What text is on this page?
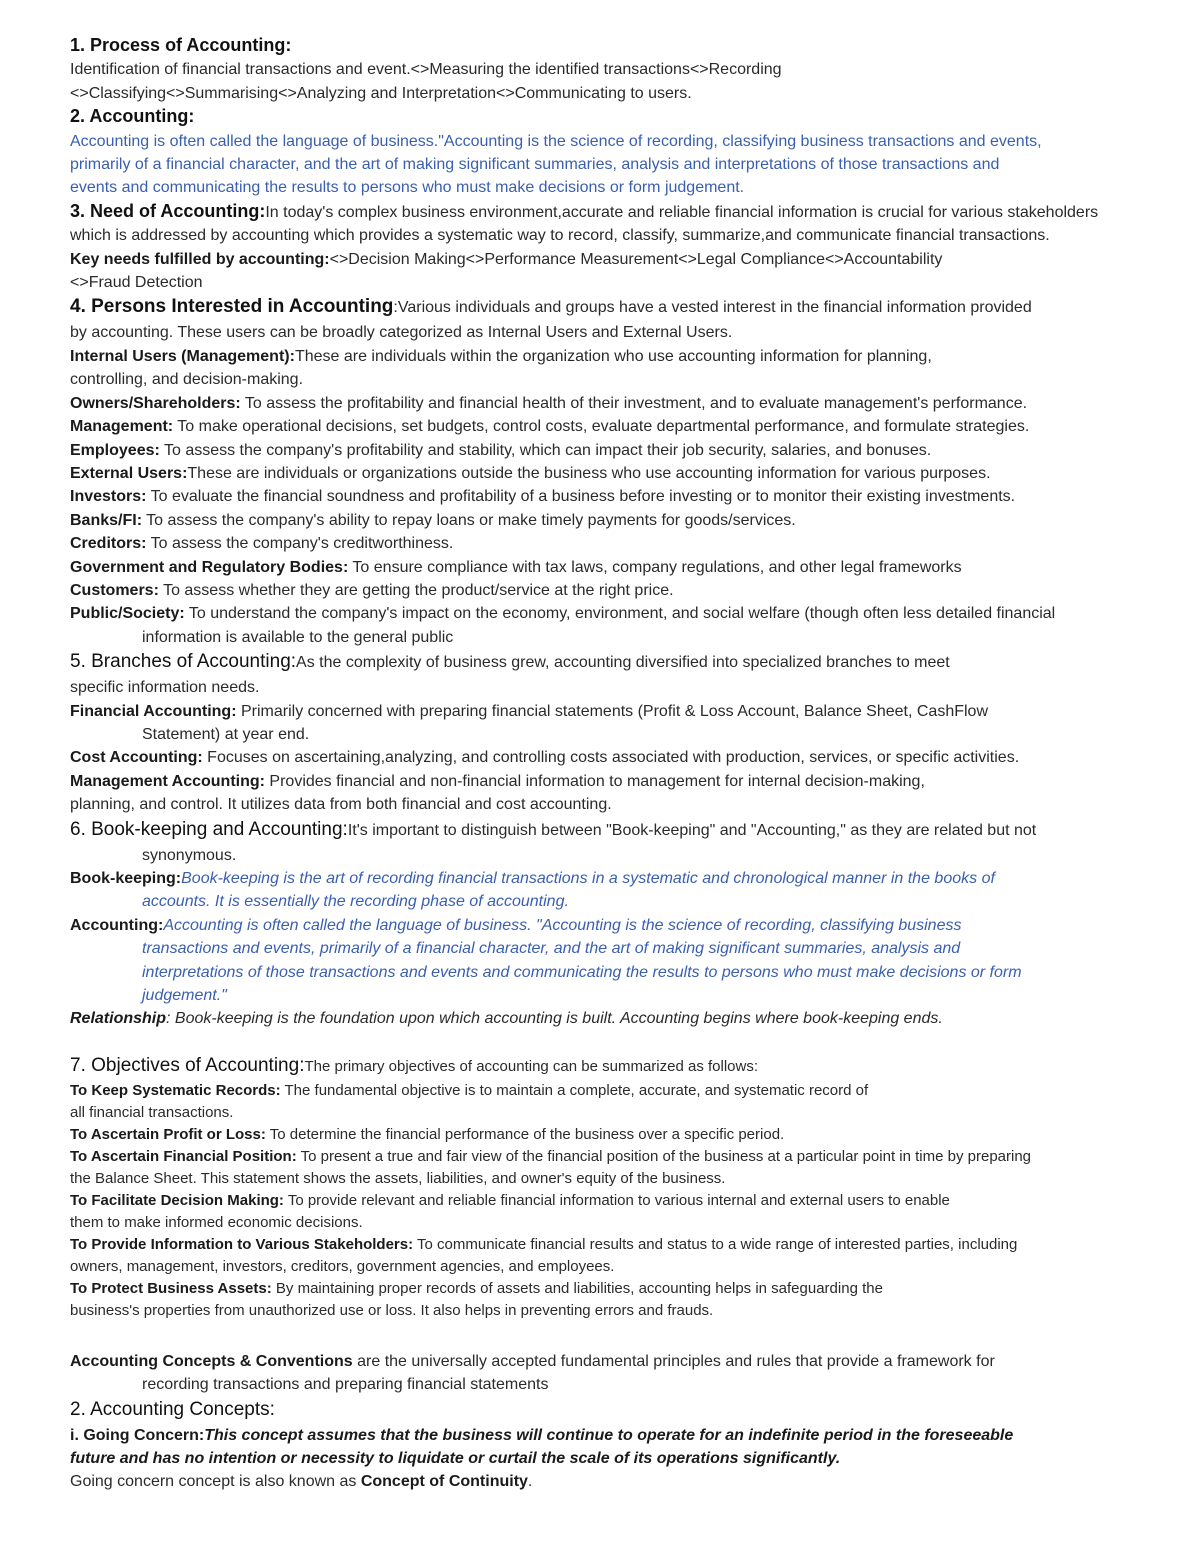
1. Process of Accounting:
Identification of financial transactions and event.<>Measuring the identified transactions<>Recording
<>Classifying<>Summarising<>Analyzing and Interpretation<>Communicating to users.
2. Accounting:
Accounting is often called the language of business."Accounting is the science of recording, classifying business transactions and events,
primarily of a financial character, and the art of making significant summaries, analysis and interpretations of those transactions and
events and communicating the results to persons who must make decisions or form judgement.
3. Need of Accounting:In today's complex business environment,accurate and reliable financial information is crucial for various stakeholders
which is addressed by accounting which provides a systematic way to record, classify, summarize,and communicate financial transactions.
Key needs fulfilled by accounting:<>Decision Making<>Performance Measurement<>Legal Compliance<>Accountability
<>Fraud Detection
4. Persons Interested in Accounting:Various individuals and groups have a vested interest in the financial information provided
by accounting. These users can be broadly categorized as Internal Users and External Users.
Internal Users (Management):These are individuals within the organization who use accounting information for planning,
controlling, and decision-making.
Owners/Shareholders: To assess the profitability and financial health of their investment, and to evaluate management's performance.
Management: To make operational decisions, set budgets, control costs, evaluate departmental performance, and formulate strategies.
Employees: To assess the company's profitability and stability, which can impact their job security, salaries, and bonuses.
External Users:These are individuals or organizations outside the business who use accounting information for various purposes.
Investors: To evaluate the financial soundness and profitability of a business before investing or to monitor their existing investments.
Banks/FI: To assess the company's ability to repay loans or make timely payments for goods/services.
Creditors: To assess the company's creditworthiness.
Government and Regulatory Bodies: To ensure compliance with tax laws, company regulations, and other legal frameworks
Customers: To assess whether they are getting the product/service at the right price.
Public/Society: To understand the company's impact on the economy, environment, and social welfare (though often less detailed financial
information is available to the general public
5. Branches of Accounting:As the complexity of business grew, accounting diversified into specialized branches to meet
specific information needs.
Financial Accounting: Primarily concerned with preparing financial statements (Profit & Loss Account, Balance Sheet, CashFlow
Statement) at year end.
Cost Accounting: Focuses on ascertaining,analyzing, and controlling costs associated with production, services, or specific activities.
Management Accounting: Provides financial and non-financial information to management for internal decision-making,
planning, and control. It utilizes data from both financial and cost accounting.
6. Book-keeping and Accounting:It's important to distinguish between "Book-keeping" and "Accounting," as they are related but not
synonymous.
Book-keeping:Book-keeping is the art of recording financial transactions in a systematic and chronological manner in the books of
accounts. It is essentially the recording phase of accounting.
Accounting:Accounting is often called the language of business. "Accounting is the science of recording, classifying business
transactions and events, primarily of a financial character, and the art of making significant summaries, analysis and
interpretations of those transactions and events and communicating the results to persons who must make decisions or form
judgement."
Relationship: Book-keeping is the foundation upon which accounting is built. Accounting begins where book-keeping ends.
7. Objectives of Accounting:The primary objectives of accounting can be summarized as follows:
To Keep Systematic Records: The fundamental objective is to maintain a complete, accurate, and systematic record of
all financial transactions.
To Ascertain Profit or Loss: To determine the financial performance of the business over a specific period.
To Ascertain Financial Position: To present a true and fair view of the financial position of the business at a particular point in time by preparing
the Balance Sheet. This statement shows the assets, liabilities, and owner's equity of the business.
To Facilitate Decision Making: To provide relevant and reliable financial information to various internal and external users to enable
them to make informed economic decisions.
To Provide Information to Various Stakeholders: To communicate financial results and status to a wide range of interested parties, including
owners, management, investors, creditors, government agencies, and employees.
To Protect Business Assets: By maintaining proper records of assets and liabilities, accounting helps in safeguarding the
business's properties from unauthorized use or loss. It also helps in preventing errors and frauds.
Accounting Concepts & Conventions are the universally accepted fundamental principles and rules that provide a framework for
recording transactions and preparing financial statements
2. Accounting Concepts:
i. Going Concern:This concept assumes that the business will continue to operate for an indefinite period in the foreseeable
future and has no intention or necessity to liquidate or curtail the scale of its operations significantly.
Going concern concept is also known as Concept of Continuity.
